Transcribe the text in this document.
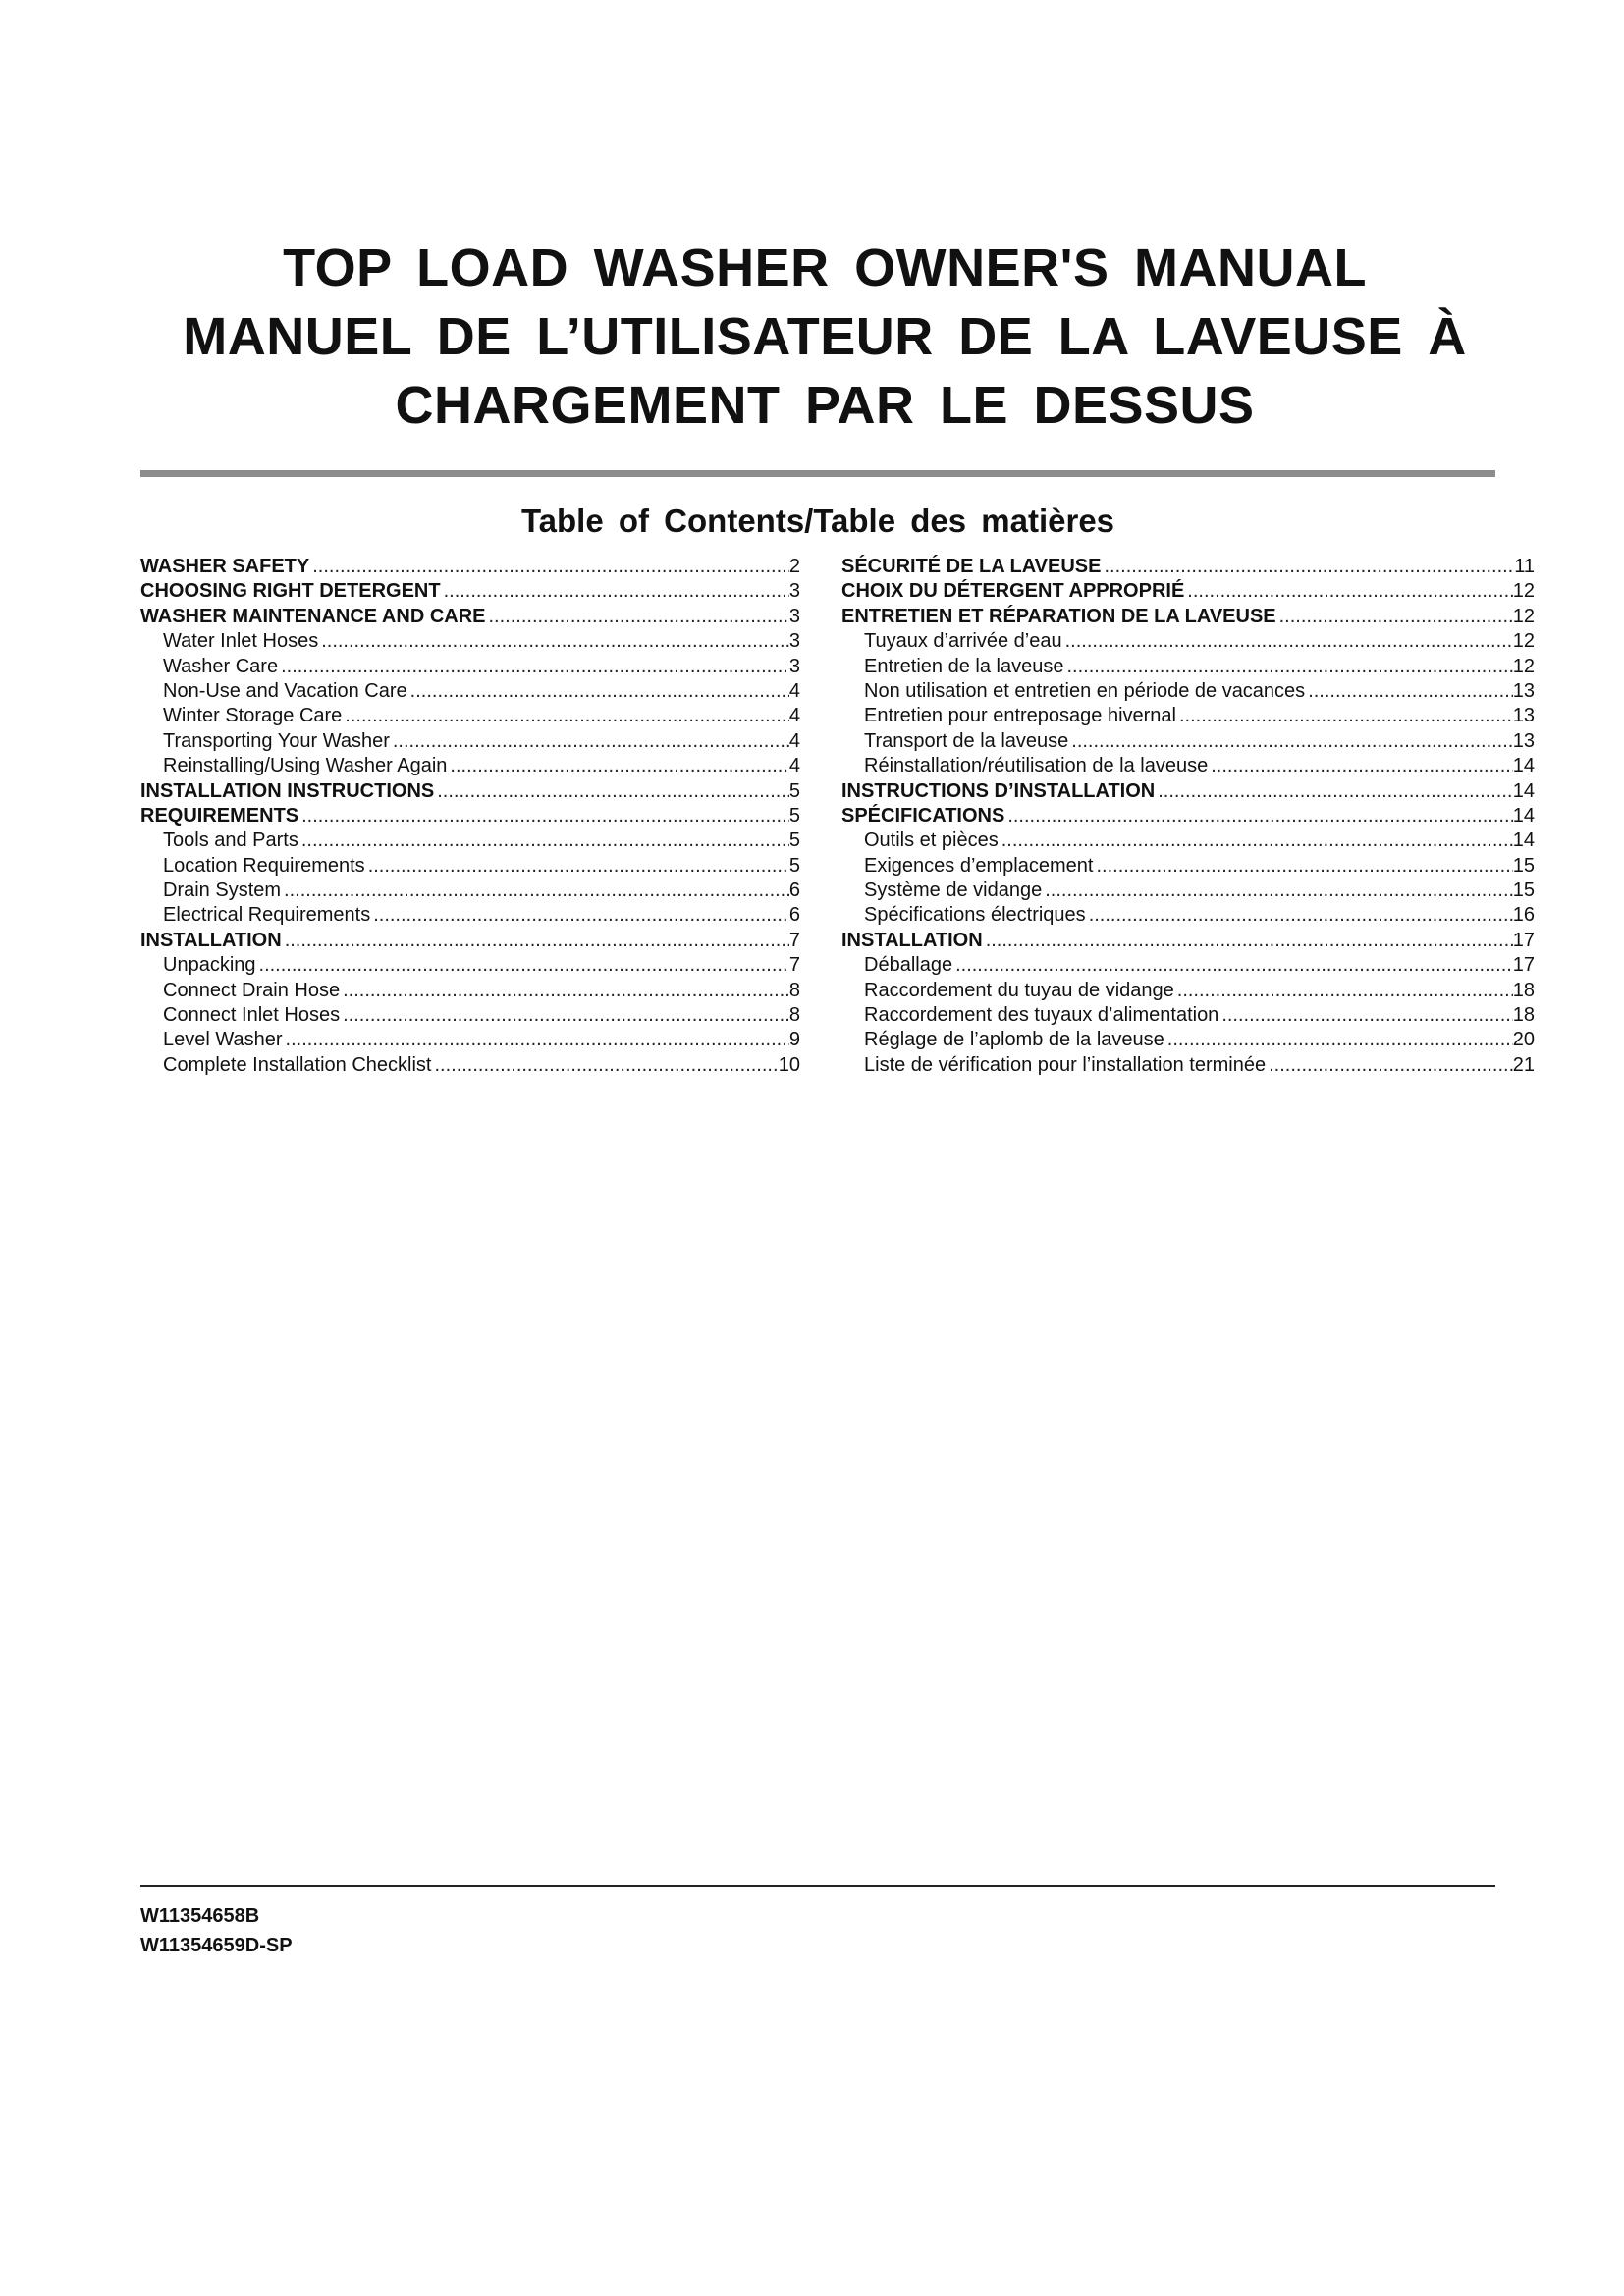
TOP LOAD WASHER OWNER'S MANUAL
MANUEL DE L’UTILISATEUR DE LA LAVEUSE À
CHARGEMENT PAR LE DESSUS
Table of Contents/Table des matières
WASHER SAFETY .....	2
CHOOSING RIGHT DETERGENT .....	3
WASHER MAINTENANCE AND CARE .....	3
Water Inlet Hoses .....	3
Washer Care .....	3
Non-Use and Vacation Care .....	4
Winter Storage Care .....	4
Transporting Your Washer .....	4
Reinstalling/Using Washer Again .....	4
INSTALLATION INSTRUCTIONS .....	5
REQUIREMENTS .....	5
Tools and Parts .....	5
Location Requirements .....	5
Drain System .....	6
Electrical Requirements .....	6
INSTALLATION .....	7
Unpacking .....	7
Connect Drain Hose .....	8
Connect Inlet Hoses .....	8
Level Washer .....	9
Complete Installation Checklist .....	10
SÉCURITÉ DE LA LAVEUSE .....	11
CHOIX DU DÉTERGENT APPROPRIÉ .....	12
ENTRETIEN ET RÉPARATION DE LA LAVEUSE .....	12
Tuyaux d’arrivée d’eau .....	12
Entretien de la laveuse .....	12
Non utilisation et entretien en période de vacances .....	13
Entretien pour entreposage hivernal .....	13
Transport de la laveuse .....	13
Réinstallation/réutilisation de la laveuse .....	14
INSTRUCTIONS D’INSTALLATION .....	14
SPÉCIFICATIONS .....	14
Outils et pièces .....	14
Exigences d’emplacement .....	15
Système de vidange .....	15
Spécifications électriques .....	16
INSTALLATION .....	17
Déballage .....	17
Raccordement du tuyau de vidange .....	18
Raccordement des tuyaux d’alimentation .....	18
Réglage de l’aplomb de la laveuse .....	20
Liste de vérification pour l’installation terminée .....	21
W11354658B
W11354659D-SP
